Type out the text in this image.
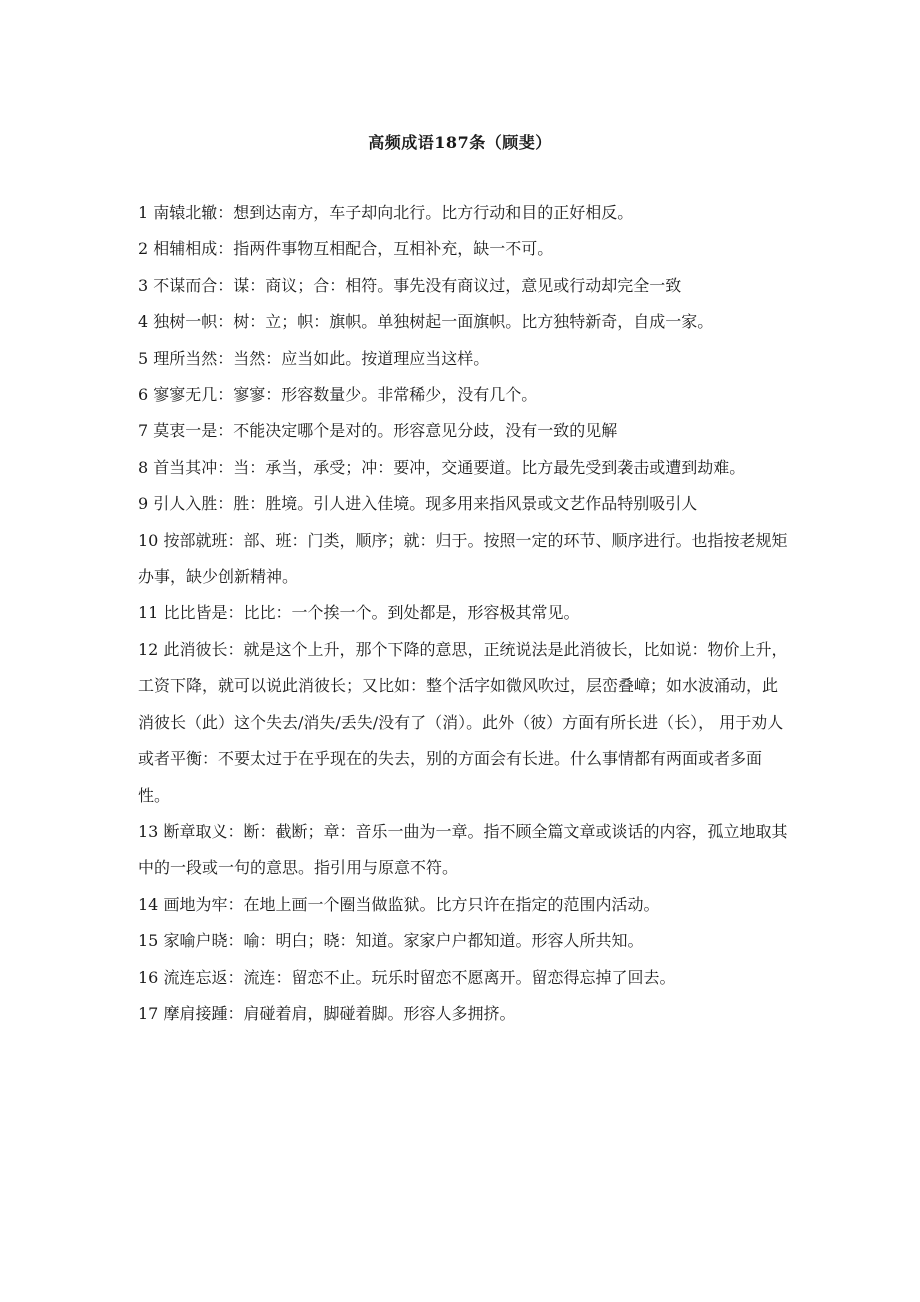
高频成语187条（顾斐）

1 南辕北辙：想到达南方，车子却向北行。比方行动和目的正好相反。

2 相辅相成：指两件事物互相配合，互相补充，缺一不可。

3 不谋而合：谋：商议；合：相符。事先没有商议过，意见或行动却完全一致

4 独树一帜：树：立；帜：旗帜。单独树起一面旗帜。比方独特新奇，自成一家。

5 理所当然：当然：应当如此。按道理应当这样。

6 寥寥无几：寥寥：形容数量少。非常稀少，没有几个。

7 莫衷一是：不能决定哪个是对的。形容意见分歧，没有一致的见解

8 首当其冲：当：承当，承受；冲：要冲，交通要道。比方最先受到袭击或遭到劫难。

9 引人入胜：胜：胜境。引人进入佳境。现多用来指风景或文艺作品特别吸引人

10 按部就班：部、班：门类，顺序；就：归于。按照一定的环节、顺序进行。也指按老规矩办事，缺少创新精神。

11 比比皆是：比比：一个挨一个。到处都是，形容极其常见。

12 此消彼长：就是这个上升，那个下降的意思，正统说法是此消彼长，比如说：物价上升，工资下降，就可以说此消彼长；又比如：整个活字如微风吹过，层峦叠嶂；如水波涌动，此消彼长（此）这个失去/消失/丢失/没有了（消）。此外（彼）方面有所长进（长）， 用于劝人或者平衡：不要太过于在乎现在的失去，别的方面会有长进。什么事情都有两面或者多面性。

13 断章取义：断：截断；章：音乐一曲为一章。指不顾全篇文章或谈话的内容，孤立地取其中的一段或一句的意思。指引用与原意不符。

14 画地为牢：在地上画一个圈当做监狱。比方只许在指定的范围内活动。

15 家喻户晓：喻：明白；晓：知道。家家户户都知道。形容人所共知。

16 流连忘返：流连：留恋不止。玩乐时留恋不愿离开。留恋得忘掉了回去。

17 摩肩接踵：肩碰着肩，脚碰着脚。形容人多拥挤。
